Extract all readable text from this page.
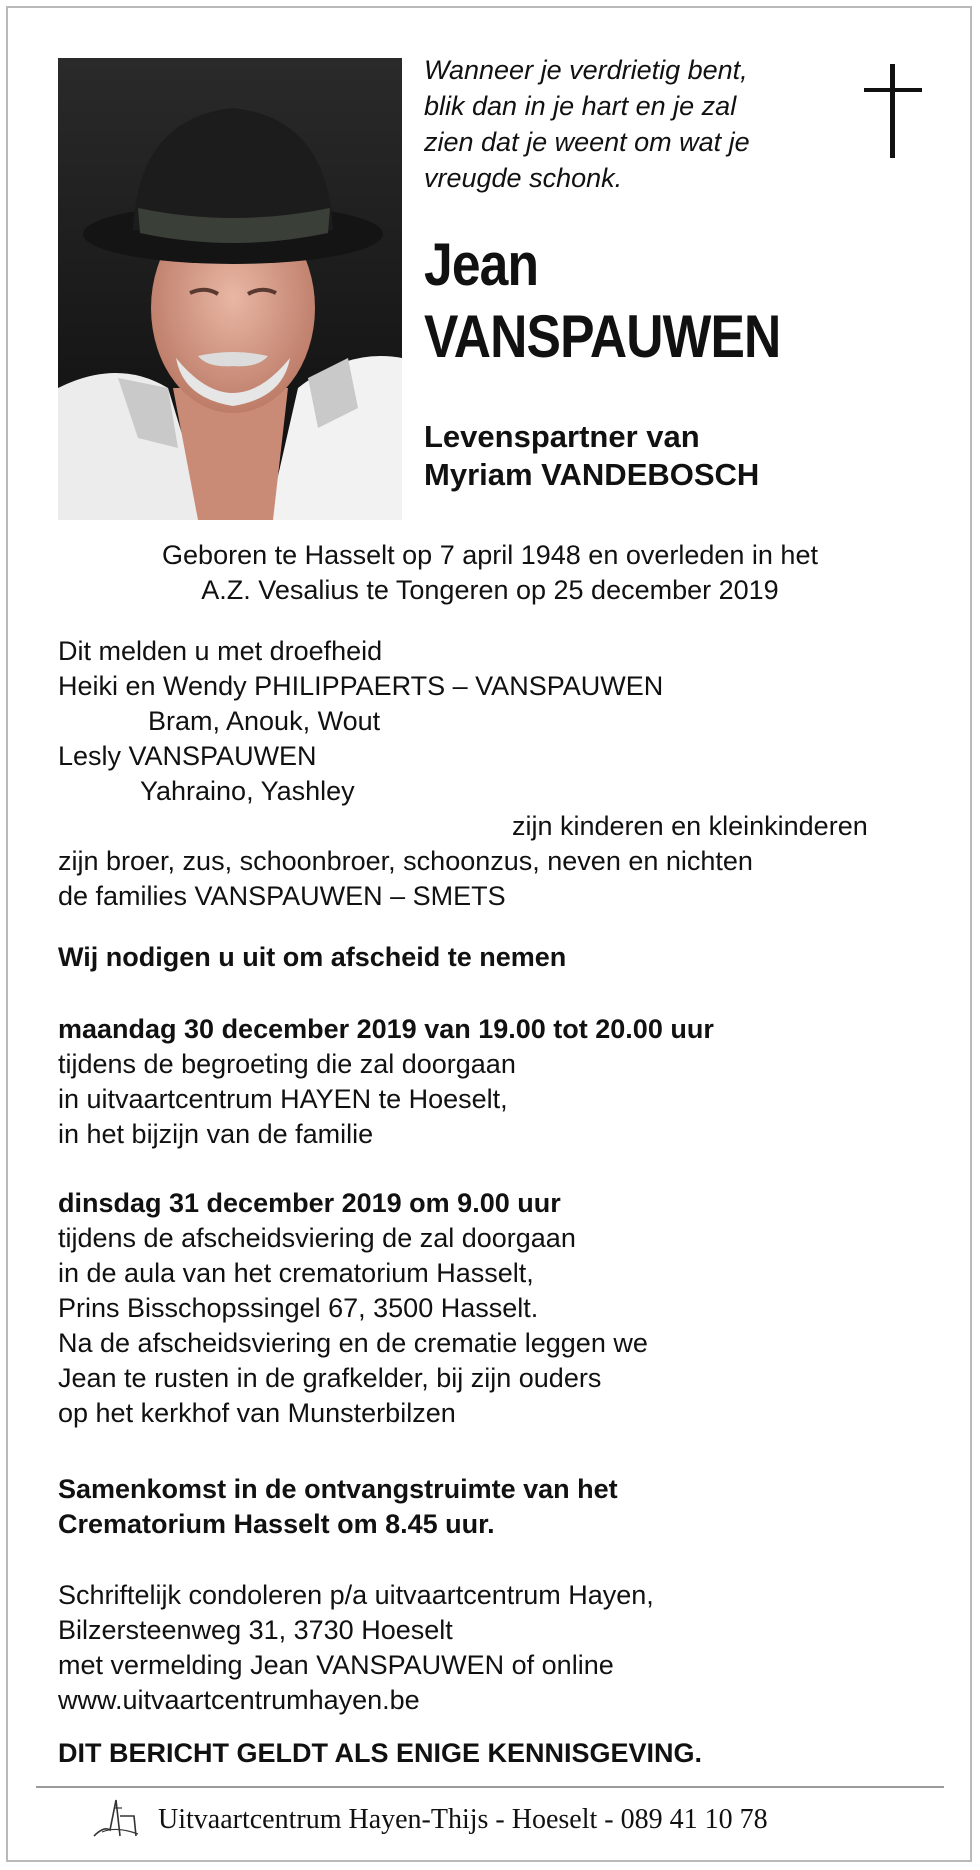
Wanneer je verdrietig bent,
blik dan in je hart en je zal
zien dat je weent om wat je
vreugde schonk.
Jean
VANSPAUWEN
Levenspartner van
Myriam VANDEBOSCH
Geboren te Hasselt op 7 april 1948 en overleden in het
A.Z. Vesalius te Tongeren op 25 december 2019

Dit melden u met droefheid

Heiki en Wendy PHILIPPAERTS – VANSPAUWEN

Bram, Anouk, Wout

Lesly VANSPAUWEN

Yahraino, Yashley

zijn kinderen en kleinkinderen

zijn broer, zus, schoonbroer, schoonzus, neven en nichten

de families VANSPAUWEN – SMETS

Wij nodigen u uit om afscheid te nemen

maandag 30 december 2019 van 19.00 tot 20.00 uur

tijdens de begroeting die zal doorgaan

in uitvaartcentrum HAYEN te Hoeselt,

in het bijzijn van de familie

dinsdag 31 december 2019 om 9.00 uur

tijdens de afscheidsviering de zal doorgaan

in de aula van het crematorium Hasselt,

Prins Bisschopssingel 67, 3500 Hasselt.

Na de afscheidsviering en de crematie leggen we

Jean te rusten in de grafkelder, bij zijn ouders

op het kerkhof van Munsterbilzen

Samenkomst in de ontvangstruimte van het

Crematorium Hasselt om 8.45 uur.

Schriftelijk condoleren p/a uitvaartcentrum Hayen,

Bilzersteenweg 31, 3730 Hoeselt

met vermelding Jean VANSPAUWEN of online

www.uitvaartcentrumhayen.be

DIT BERICHT GELDT ALS ENIGE KENNISGEVING.
Uitvaartcentrum Hayen-Thijs - Hoeselt - 089 41 10 78
